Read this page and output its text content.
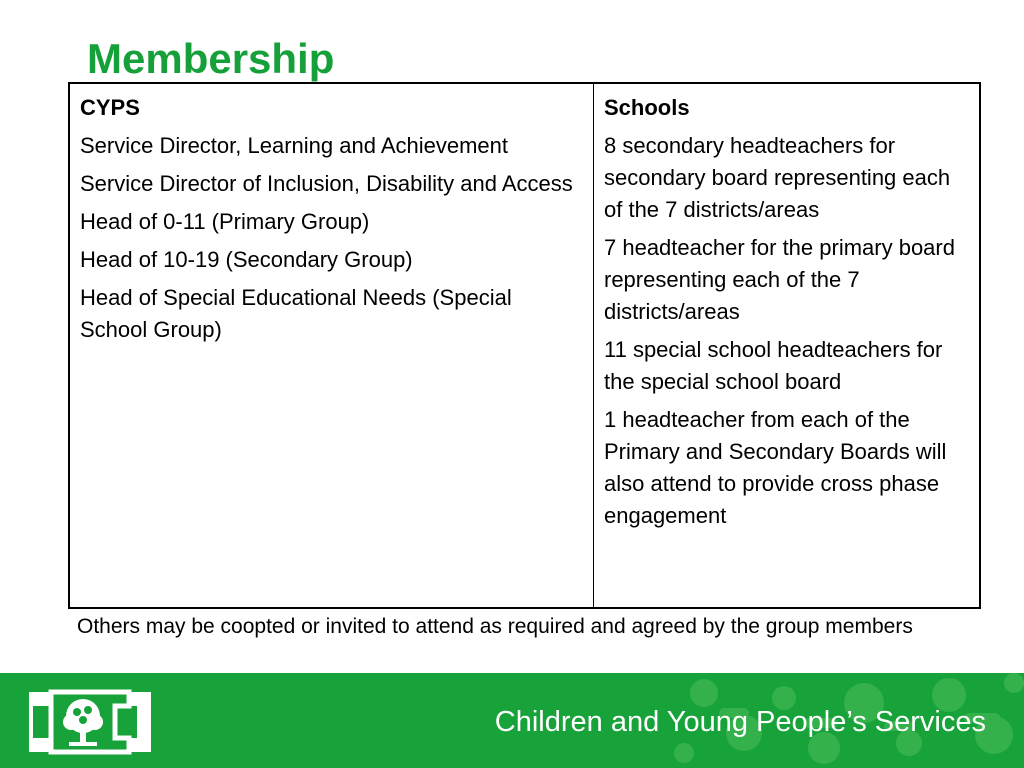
Membership
CYPS
Service Director, Learning and Achievement
Service Director of Inclusion, Disability and Access
Head of 0-11 (Primary Group)
Head of 10-19 (Secondary Group)
Head of Special Educational Needs (Special School Group)
Schools
8 secondary headteachers for secondary board representing each of the 7 districts/areas
7 headteacher for the primary board representing each of the 7 districts/areas
11 special school headteachers for the special school board
1 headteacher from each of the Primary and Secondary Boards will also attend to provide cross phase engagement

Others may be coopted or invited to attend as required and agreed by the group members

Children and Young People’s Services
